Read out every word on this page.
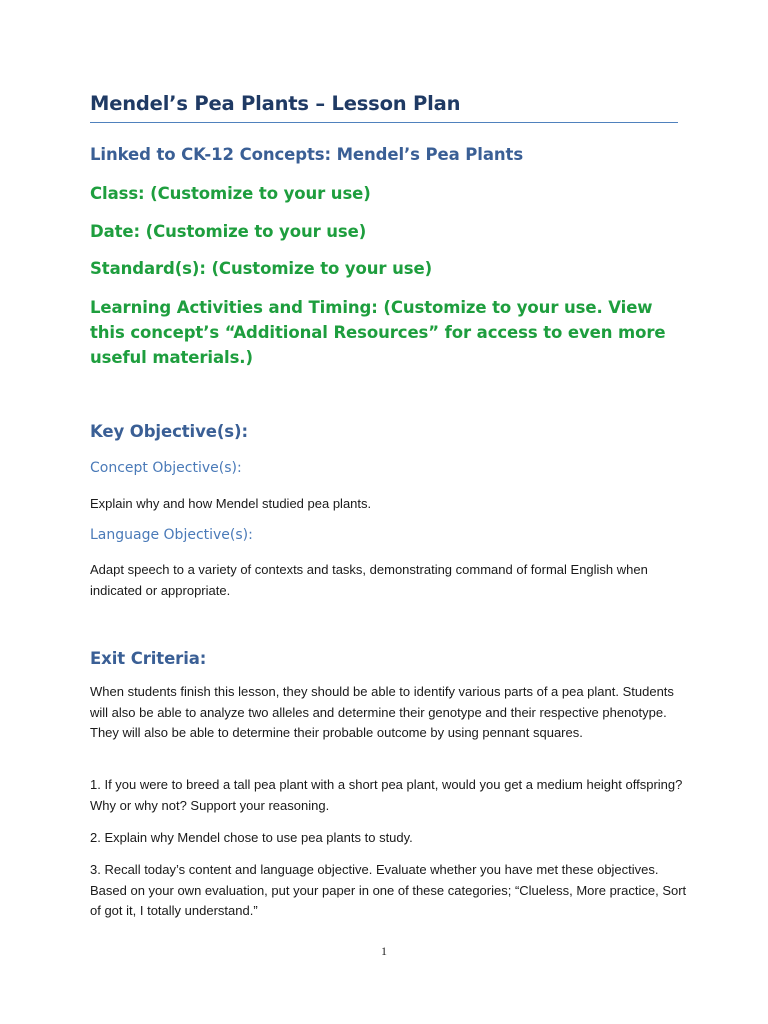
Mendel’s Pea Plants – Lesson Plan
Linked to CK-12 Concepts: Mendel’s Pea Plants
Class: (Customize to your use)
Date: (Customize to your use)
Standard(s): (Customize to your use)
Learning Activities and Timing: (Customize to your use. View this concept’s “Additional Resources” for access to even more useful materials.)
Key Objective(s):
Concept Objective(s):
Explain why and how Mendel studied pea plants.
Language Objective(s):
Adapt speech to a variety of contexts and tasks, demonstrating command of formal English when indicated or appropriate.
Exit Criteria:
When students finish this lesson, they should be able to identify various parts of a pea plant. Students will also be able to analyze two alleles and determine their genotype and their respective phenotype. They will also be able to determine their probable outcome by using pennant squares.
1. If you were to breed a tall pea plant with a short pea plant, would you get a medium height offspring? Why or why not? Support your reasoning.
2. Explain why Mendel chose to use pea plants to study.
3. Recall today’s content and language objective. Evaluate whether you have met these objectives. Based on your own evaluation, put your paper in one of these categories; “Clueless, More practice, Sort of got it, I totally understand.”
1
